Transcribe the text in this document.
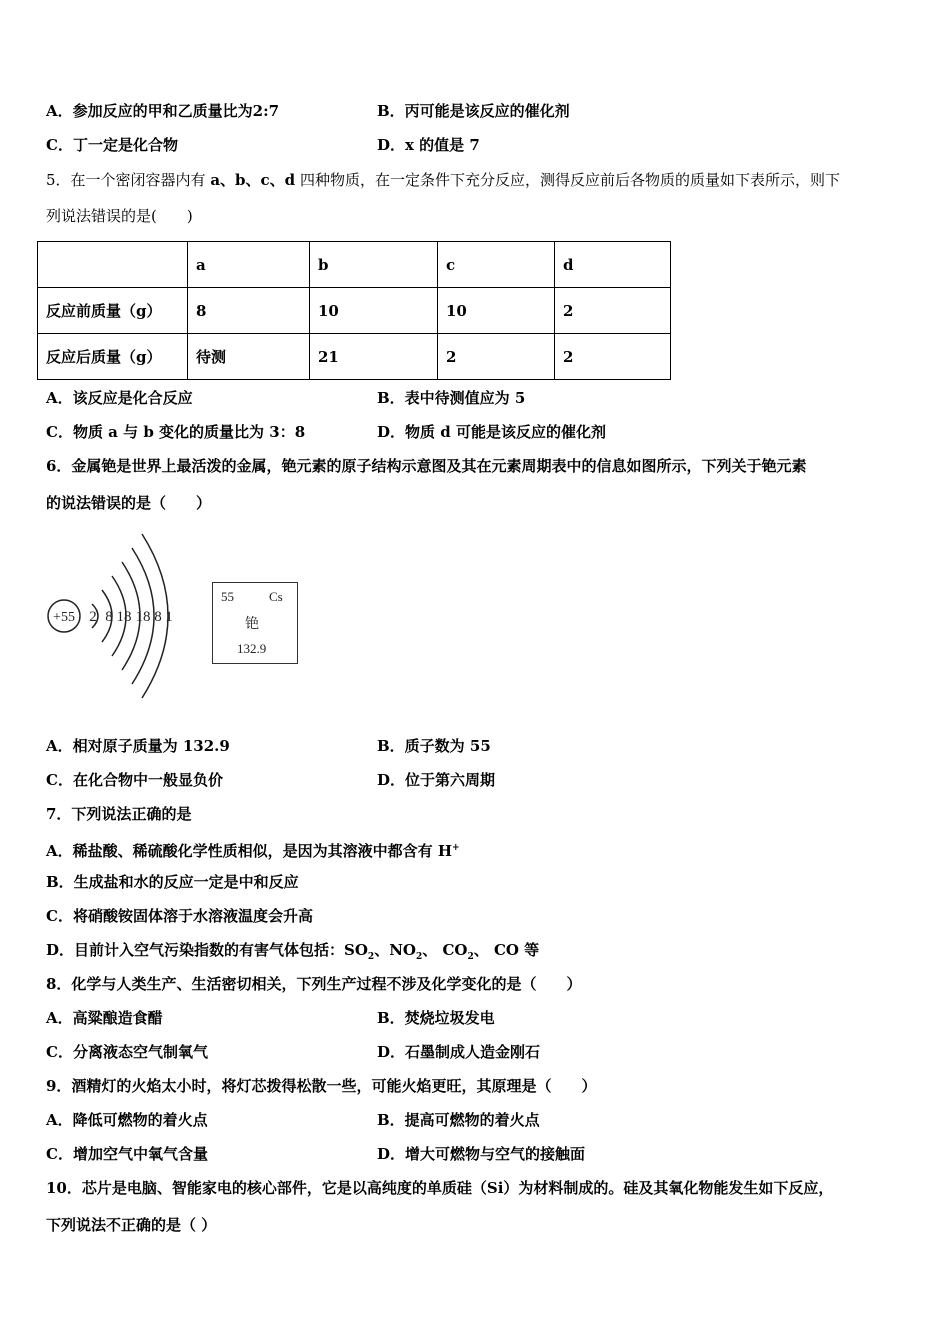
A．参加反应的甲和乙质量比为2:7	B．丙可能是该反应的催化剂
C．丁一定是化合物	D．x 的值是 7
5．在一个密闭容器内有 a、b、c、d 四种物质，在一定条件下充分反应，测得反应前后各物质的质量如下表所示，则下
列说法错误的是(　　)
	a	b	c	d
反应前质量（g）	8	10	10	2
反应后质量（g）	待测	21	2	2
A．该反应是化合反应	B．表中待测值应为 5
C．物质 a 与 b 变化的质量比为 3：8	D．物质 d 可能是该反应的催化剂
6．金属铯是世界上最活泼的金属，铯元素的原子结构示意图及其在元素周期表中的信息如图所示，下列关于铯元素
的说法错误的是（　　）
+55 2 8 18 18 8 1
55	Cs
铯
132.9
A．相对原子质量为 132.9	B．质子数为 55
C．在化合物中一般显负价	D．位于第六周期
7．下列说法正确的是
A．稀盐酸、稀硫酸化学性质相似，是因为其溶液中都含有 H+
B．生成盐和水的反应一定是中和反应
C．将硝酸铵固体溶于水溶液温度会升高
D．目前计入空气污染指数的有害气体包括：$SO_2$、$NO_2$、 $CO_2$、 CO 等
8．化学与人类生产、生活密切相关，下列生产过程不涉及化学变化的是（　　）
A．高粱酿造食醋	B．焚烧垃圾发电
C．分离液态空气制氧气	D．石墨制成人造金刚石
9．酒精灯的火焰太小时，将灯芯拨得松散一些，可能火焰更旺，其原理是（　　）
A．降低可燃物的着火点	B．提高可燃物的着火点
C．增加空气中氧气含量	D．增大可燃物与空气的接触面
10．芯片是电脑、智能家电的核心部件，它是以高纯度的单质硅（Si）为材料制成的。硅及其氧化物能发生如下反应，
下列说法不正确的是（ ）
